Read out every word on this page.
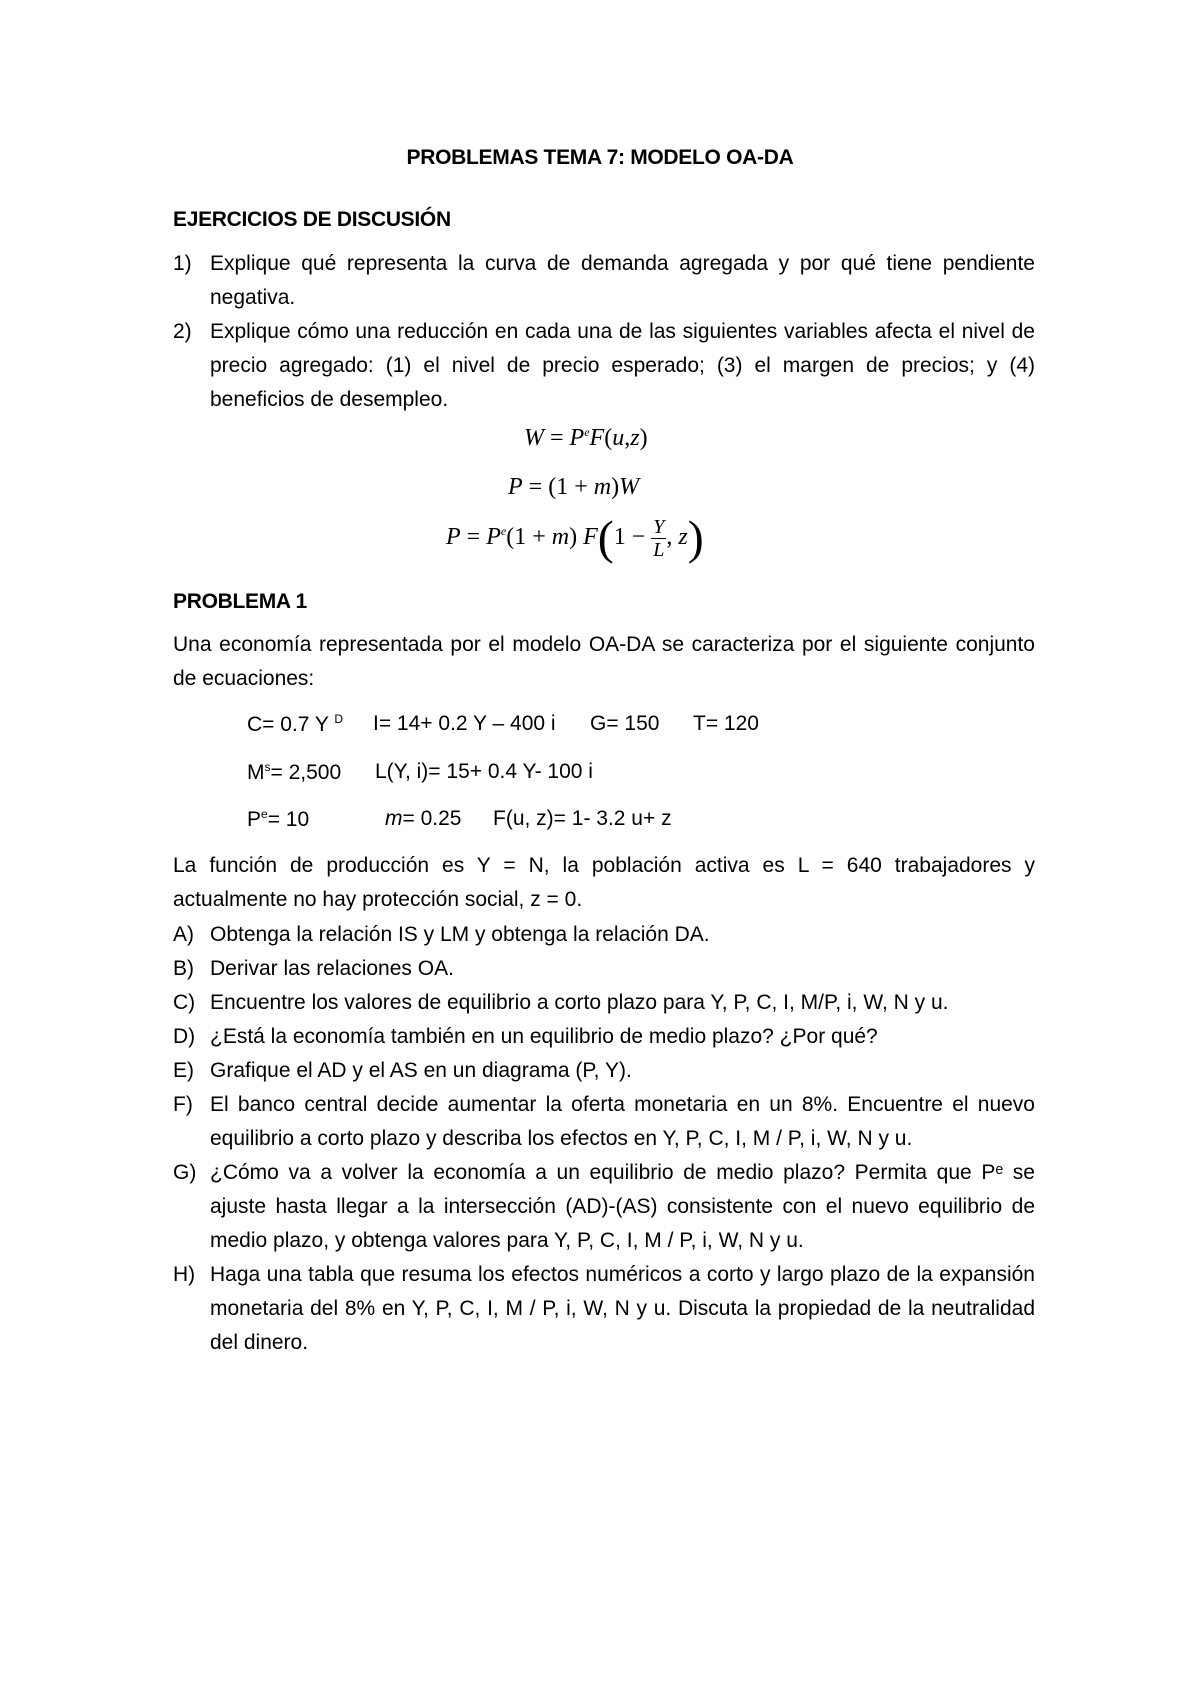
PROBLEMAS TEMA 7: MODELO OA-DA
EJERCICIOS DE DISCUSIÓN
1) Explique qué representa la curva de demanda agregada y por qué tiene pendiente negativa.
2) Explique cómo una reducción en cada una de las siguientes variables afecta el nivel de precio agregado: (1) el nivel de precio esperado; (3) el margen de precios; y (4) beneficios de desempleo.
$W = P^eF(u,z)$
P = (1 + m)W
$P = P^e(1 + m) F(1 - \frac{Y}{L}$ , z)
PROBLEMA 1
Una economía representada por el modelo OA-DA se caracteriza por el siguiente conjunto de ecuaciones:
C= 0.7 Y $^D$ I= 14+ 0.2 Y – 400 i G= 150 T= 120
$M^s= 2,500$ L(Y, i)= 15+ 0.4 Y- 100 i
$P^e= 10$	m= 0.25 F(u, z)= 1- 3.2 u+ z
La función de producción es Y = N, la población activa es L = 640 trabajadores y actualmente no hay protección social, z = 0.
A) Obtenga la relación IS y LM y obtenga la relación DA.
B) Derivar las relaciones OA.
C) Encuentre los valores de equilibrio a corto plazo para Y, P, C, I, M/P, i, W, N y u.
D) ¿Está la economía también en un equilibrio de medio plazo? ¿Por qué?
E) Grafique el AD y el AS en un diagrama (P, Y).
F) El banco central decide aumentar la oferta monetaria en un 8%. Encuentre el nuevo equilibrio a corto plazo y describa los efectos en Y, P, C, I, M / P, i, W, N y u.
G) ¿Cómo va a volver la economía a un equilibrio de medio plazo? Permita que Pᵉ se ajuste hasta llegar a la intersección (AD)-(AS) consistente con el nuevo equilibrio de medio plazo, y obtenga valores para Y, P, C, I, M / P, i, W, N y u.
H) Haga una tabla que resuma los efectos numéricos a corto y largo plazo de la expansión monetaria del 8% en Y, P, C, I, M / P, i, W, N y u. Discuta la propiedad de la neutralidad del dinero.
